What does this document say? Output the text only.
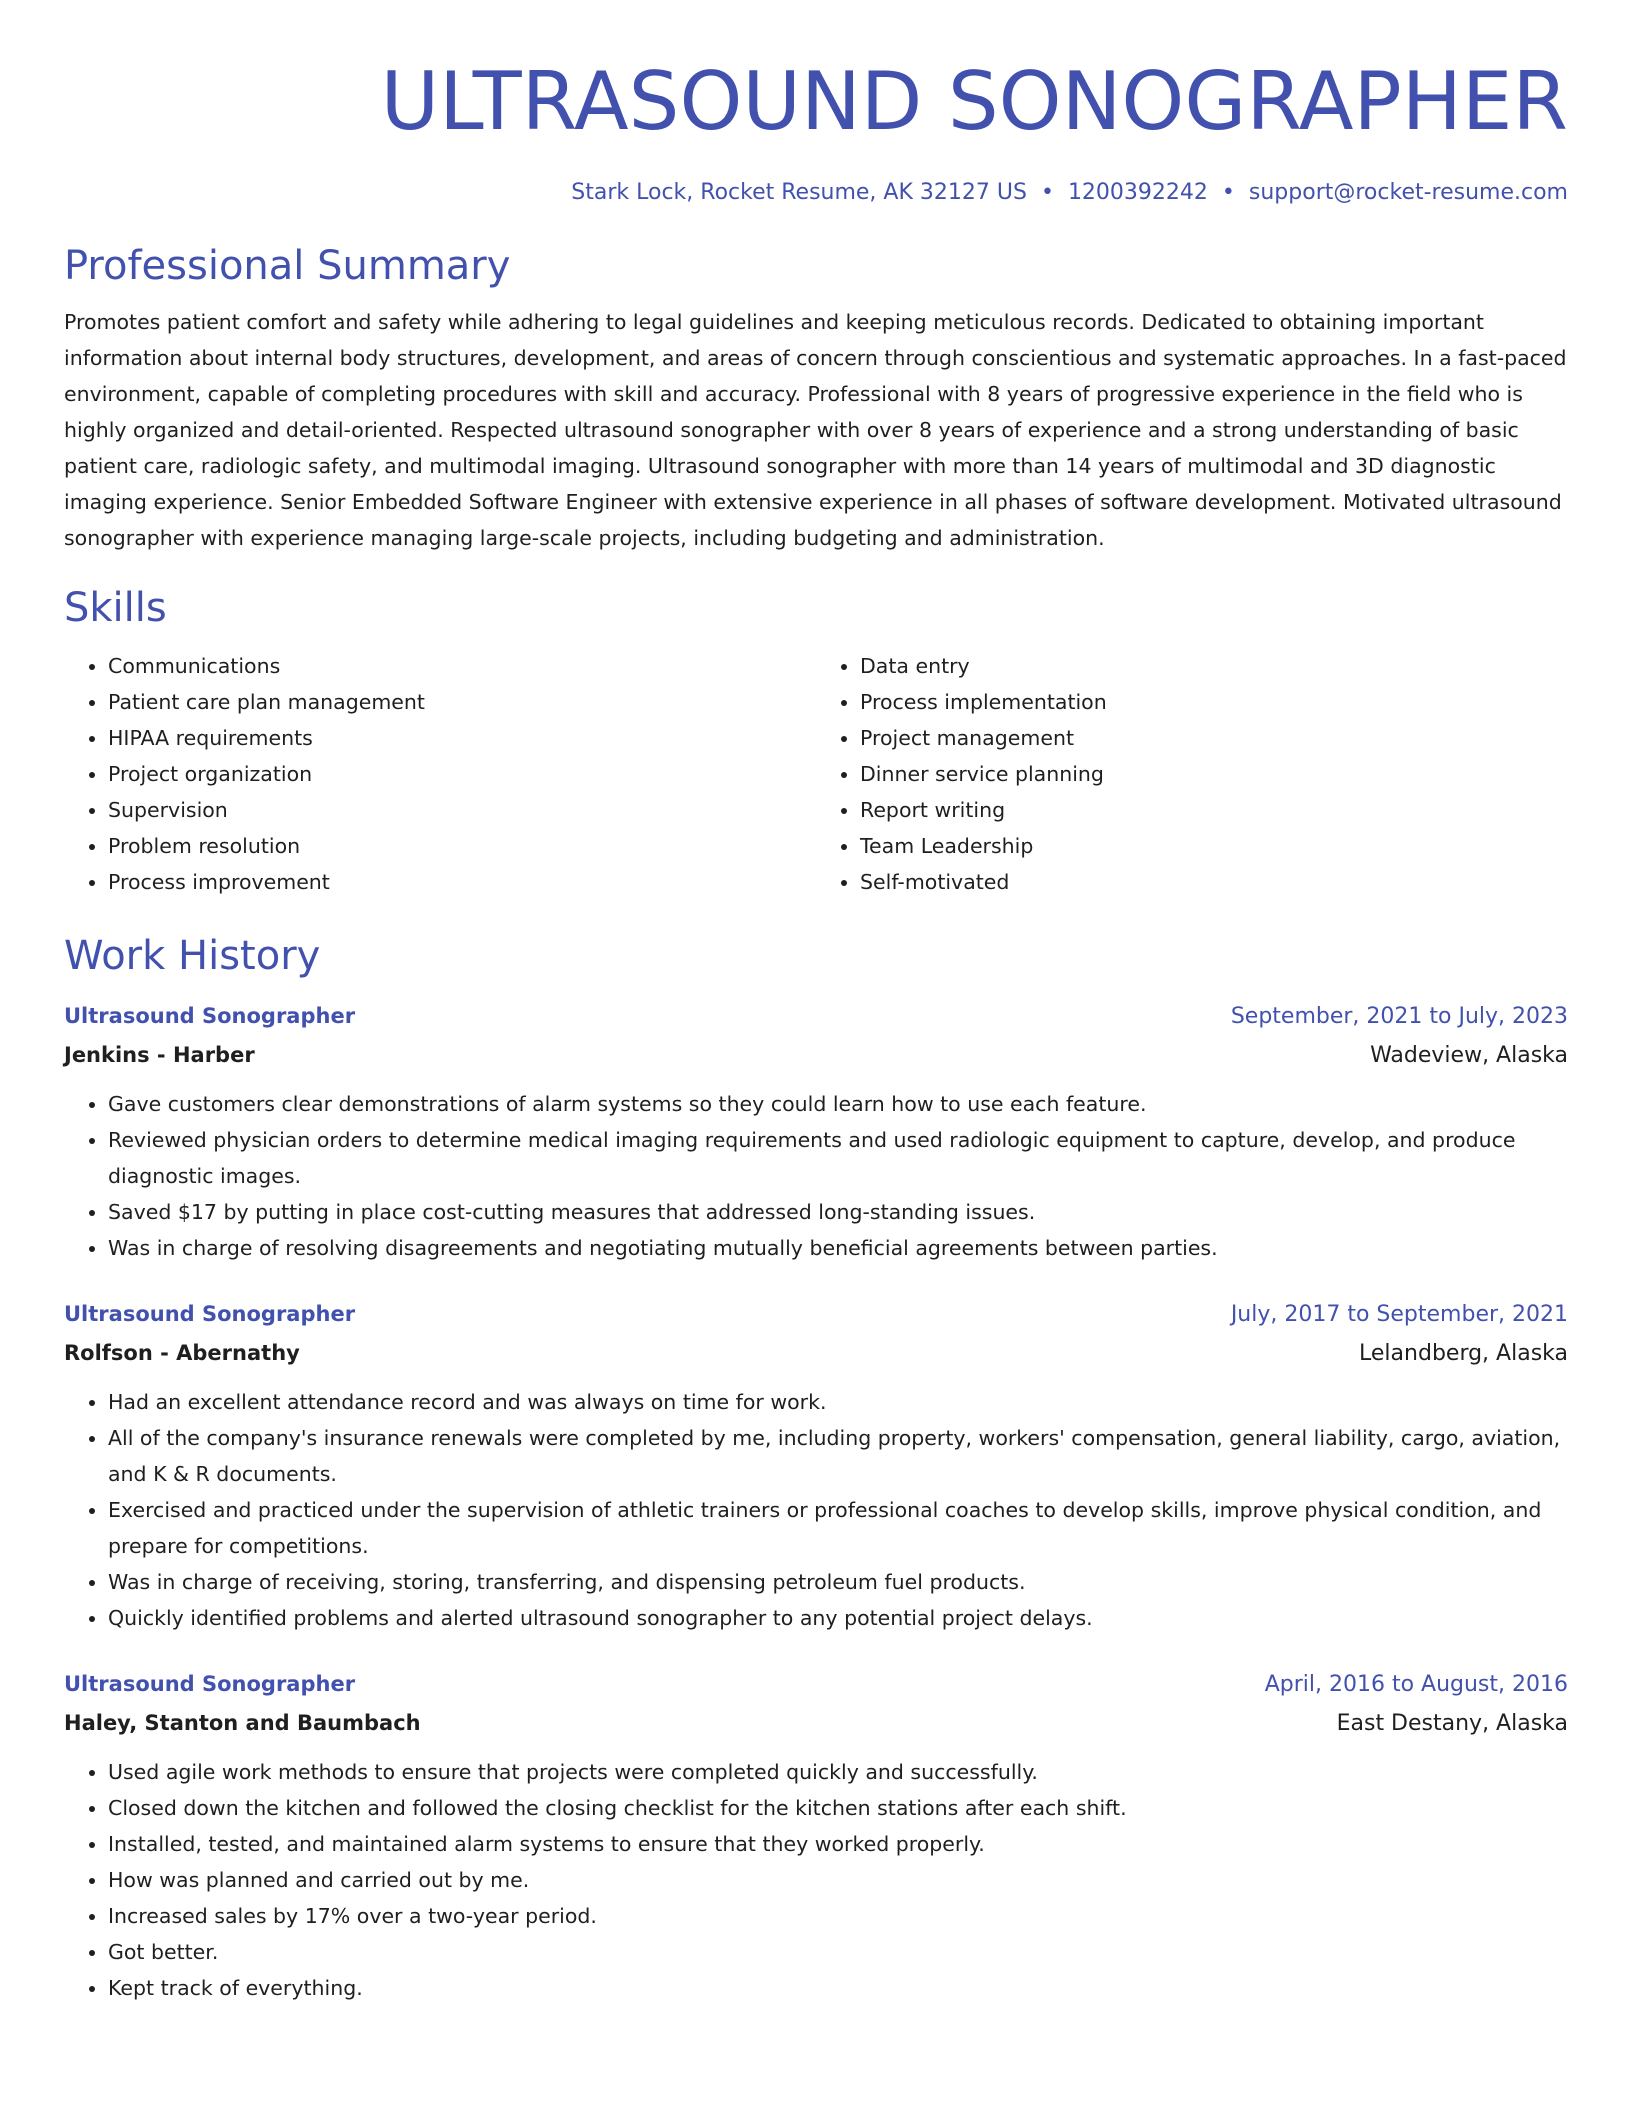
ULTRASOUND SONOGRAPHER
Stark Lock, Rocket Resume, AK 32127 US • 1200392242 • support@rocket-resume.com
Professional Summary

Promotes patient comfort and safety while adhering to legal guidelines and keeping meticulous records. Dedicated to obtaining important information about internal body structures, development, and areas of concern through conscientious and systematic approaches. In a fast-paced environment, capable of completing procedures with skill and accuracy. Professional with 8 years of progressive experience in the field who is highly organized and detail-oriented. Respected ultrasound sonographer with over 8 years of experience and a strong understanding of basic patient care, radiologic safety, and multimodal imaging. Ultrasound sonographer with more than 14 years of multimodal and 3D diagnostic imaging experience. Senior Embedded Software Engineer with extensive experience in all phases of software development. Motivated ultrasound sonographer with experience managing large-scale projects, including budgeting and administration.

Skills
• Communications
• Patient care plan management
• HIPAA requirements
• Project organization
• Supervision
• Problem resolution
• Process improvement
• Data entry
• Process implementation
• Project management
• Dinner service planning
• Report writing
• Team Leadership
• Self-motivated
Work History
Ultrasound Sonographer	September, 2021 to July, 2023
Jenkins - Harber	Wadeview, Alaska
• Gave customers clear demonstrations of alarm systems so they could learn how to use each feature.
• Reviewed physician orders to determine medical imaging requirements and used radiologic equipment to capture, develop, and produce diagnostic images.
• Saved $17 by putting in place cost-cutting measures that addressed long-standing issues.
• Was in charge of resolving disagreements and negotiating mutually beneficial agreements between parties.
Ultrasound Sonographer	July, 2017 to September, 2021
Rolfson - Abernathy	Lelandberg, Alaska
• Had an excellent attendance record and was always on time for work.
• All of the company's insurance renewals were completed by me, including property, workers' compensation, general liability, cargo, aviation, and K & R documents.
• Exercised and practiced under the supervision of athletic trainers or professional coaches to develop skills, improve physical condition, and prepare for competitions.
• Was in charge of receiving, storing, transferring, and dispensing petroleum fuel products.
• Quickly identified problems and alerted ultrasound sonographer to any potential project delays.
Ultrasound Sonographer	April, 2016 to August, 2016
Haley, Stanton and Baumbach	East Destany, Alaska
• Used agile work methods to ensure that projects were completed quickly and successfully.
• Closed down the kitchen and followed the closing checklist for the kitchen stations after each shift.
• Installed, tested, and maintained alarm systems to ensure that they worked properly.
• How was planned and carried out by me.
• Increased sales by 17% over a two-year period.
• Got better.
• Kept track of everything.
